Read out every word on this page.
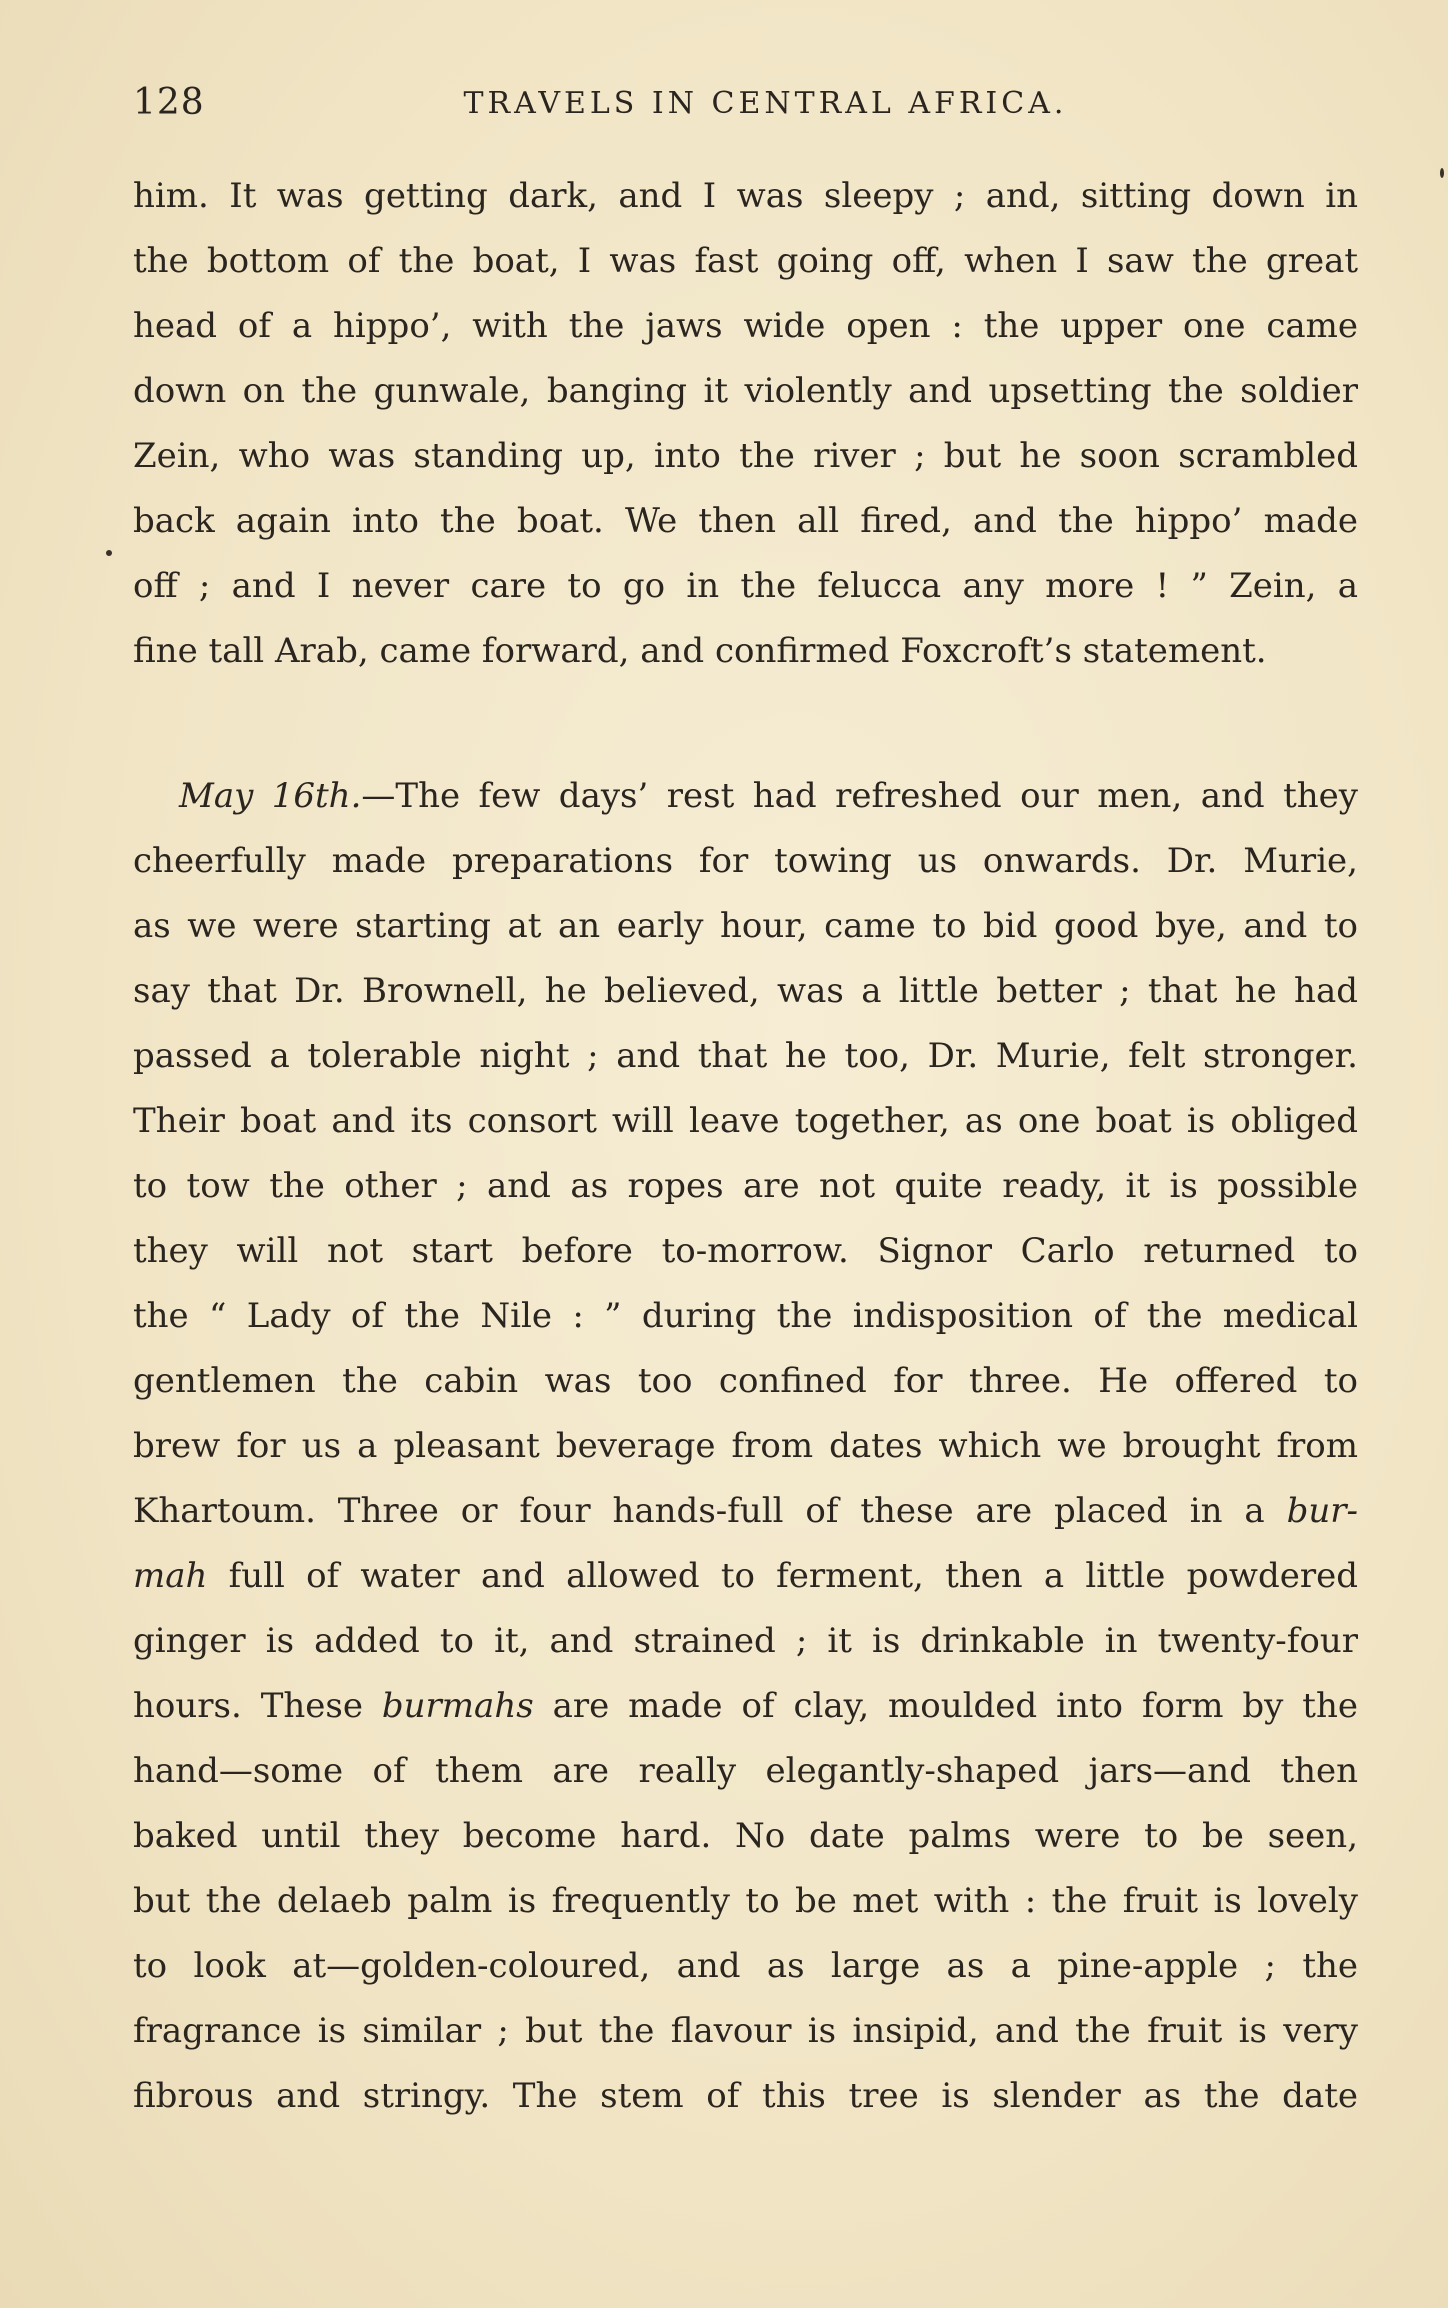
128	TRAVELS IN CENTRAL AFRICA.
him. It was getting dark, and I was sleepy ; and, sitting down in
the bottom of the boat, I was fast going off, when I saw the great
head of a hippo’, with the jaws wide open : the upper one came
down on the gunwale, banging it violently and upsetting the soldier
Zein, who was standing up, into the river ; but he soon scrambled
back again into the boat. We then all fired, and the hippo’ made
off ; and I never care to go in the felucca any more ! ” Zein, a
fine tall Arab, came forward, and confirmed Foxcroft’s statement.
May 16th.—The few days’ rest had refreshed our men, and they
cheerfully made preparations for towing us onwards. Dr. Murie,
as we were starting at an early hour, came to bid good bye, and to
say that Dr. Brownell, he believed, was a little better ; that he had
passed a tolerable night ; and that he too, Dr. Murie, felt stronger.
Their boat and its consort will leave together, as one boat is obliged
to tow the other ; and as ropes are not quite ready, it is possible
they will not start before to-morrow. Signor Carlo returned to
the “ Lady of the Nile : ” during the indisposition of the medical
gentlemen the cabin was too confined for three. He offered to
brew for us a pleasant beverage from dates which we brought from
Khartoum. Three or four hands-full of these are placed in a bur-
mah full of water and allowed to ferment, then a little powdered
ginger is added to it, and strained ; it is drinkable in twenty-four
hours. These burmahs are made of clay, moulded into form by the
hand—some of them are really elegantly-shaped jars—and then
baked until they become hard. No date palms were to be seen,
but the delaeb palm is frequently to be met with : the fruit is lovely
to look at—golden-coloured, and as large as a pine-apple ; the
fragrance is similar ; but the flavour is insipid, and the fruit is very
fibrous and stringy. The stem of this tree is slender as the date
